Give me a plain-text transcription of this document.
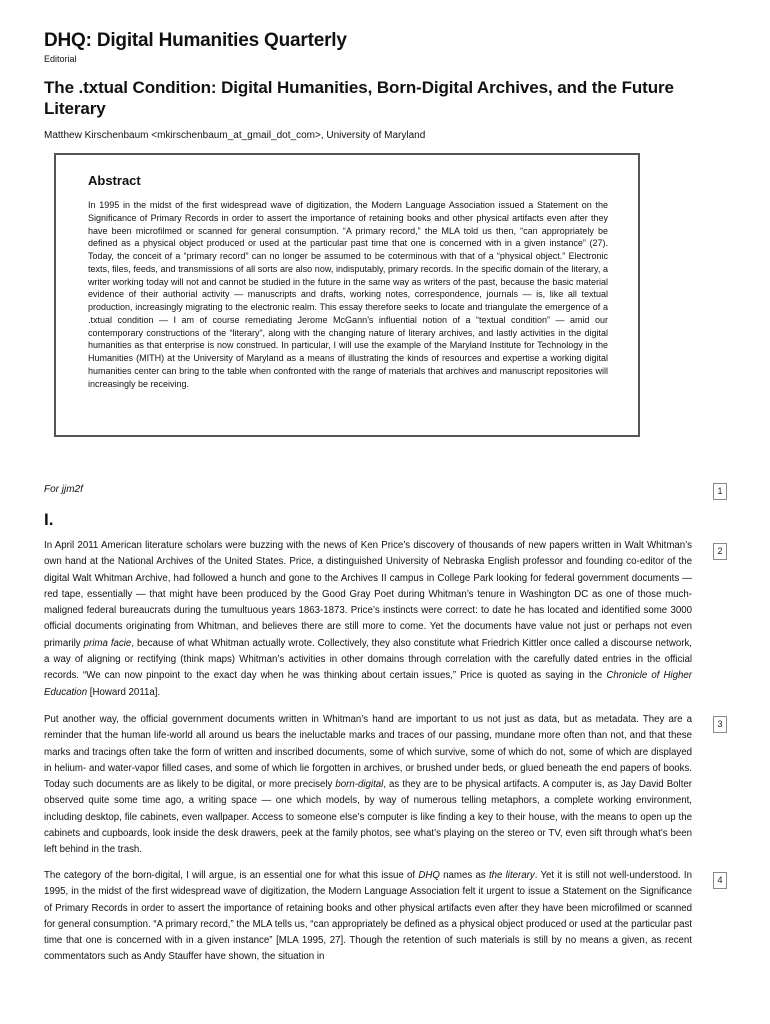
DHQ: Digital Humanities Quarterly
Editorial
The .txtual Condition: Digital Humanities, Born-Digital Archives, and the Future Literary
Matthew Kirschenbaum <mkirschenbaum_at_gmail_dot_com>, University of Maryland
Abstract

In 1995 in the midst of the first widespread wave of digitization, the Modern Language Association issued a Statement on the Significance of Primary Records in order to assert the importance of retaining books and other physical artifacts even after they have been microfilmed or scanned for general consumption. “A primary record,” the MLA told us then, “can appropriately be defined as a physical object produced or used at the particular past time that one is concerned with in a given instance” (27). Today, the conceit of a “primary record” can no longer be assumed to be coterminous with that of a “physical object.” Electronic texts, files, feeds, and transmissions of all sorts are also now, indisputably, primary records. In the specific domain of the literary, a writer working today will not and cannot be studied in the future in the same way as writers of the past, because the basic material evidence of their authorial activity — manuscripts and drafts, working notes, correspondence, journals — is, like all textual production, increasingly migrating to the electronic realm. This essay therefore seeks to locate and triangulate the emergence of a .txtual condition — I am of course remediating Jerome McGann’s influential notion of a “textual condition” — amid our contemporary constructions of the “literary”, along with the changing nature of literary archives, and lastly activities in the digital humanities as that enterprise is now construed. In particular, I will use the example of the Maryland Institute for Technology in the Humanities (MITH) at the University of Maryland as a means of illustrating the kinds of resources and expertise a working digital humanities center can bring to the table when confronted with the range of materials that archives and manuscript repositories will increasingly be receiving.

For jjm2f	1
I.

In April 2011 American literature scholars were buzzing with the news of Ken Price’s discovery of thousands of new papers written in Walt Whitman’s own hand at the National Archives of the United States. Price, a distinguished University of Nebraska English professor and founding co-editor of the digital Walt Whitman Archive, had followed a hunch and gone to the Archives II campus in College Park looking for federal government documents — red tape, essentially — that might have been produced by the Good Gray Poet during Whitman’s tenure in Washington DC as one of those much-maligned federal bureaucrats during the tumultuous years 1863-1873. Price’s instincts were correct: to date he has located and identified some 3000 official documents originating from Whitman, and believes there are still more to come. Yet the documents have value not just or perhaps not even primarily prima facie, because of what Whitman actually wrote. Collectively, they also constitute what Friedrich Kittler once called a discourse network, a way of aligning or rectifying (think maps) Whitman’s activities in other domains through correlation with the carefully dated entries in the official records. “We can now pinpoint to the exact day when he was thinking about certain issues,” Price is quoted as saying in the Chronicle of Higher Education [Howard 2011a].

2

Put another way, the official government documents written in Whitman’s hand are important to us not just as data, but as metadata. They are a reminder that the human life-world all around us bears the ineluctable marks and traces of our passing, mundane more often than not, and that these marks and tracings often take the form of written and inscribed documents, some of which survive, some of which do not, some of which are displayed in helium- and water-vapor filled cases, and some of which lie forgotten in archives, or brushed under beds, or glued beneath the end papers of books. Today such documents are as likely to be digital, or more precisely born-digital, as they are to be physical artifacts. A computer is, as Jay David Bolter observed quite some time ago, a writing space — one which models, by way of numerous telling metaphors, a complete working environment, including desktop, file cabinets, even wallpaper. Access to someone else’s computer is like finding a key to their house, with the means to open up the cabinets and cupboards, look inside the desk drawers, peek at the family photos, see what’s playing on the stereo or TV, even sift through what’s been left behind in the trash.

3

The category of the born-digital, I will argue, is an essential one for what this issue of DHQ names as the literary. Yet it is still not well-understood. In 1995, in the midst of the first widespread wave of digitization, the Modern Language Association felt it urgent to issue a Statement on the Significance of Primary Records in order to assert the importance of retaining books and other physical artifacts even after they have been microfilmed or scanned for general consumption. “A primary record,” the MLA tells us, “can appropriately be defined as a physical object produced or used at the particular past time that one is concerned with in a given instance” [MLA 1995, 27]. Though the retention of such materials is still by no means a given, as recent commentators such as Andy Stauffer have shown, the situation in

4
